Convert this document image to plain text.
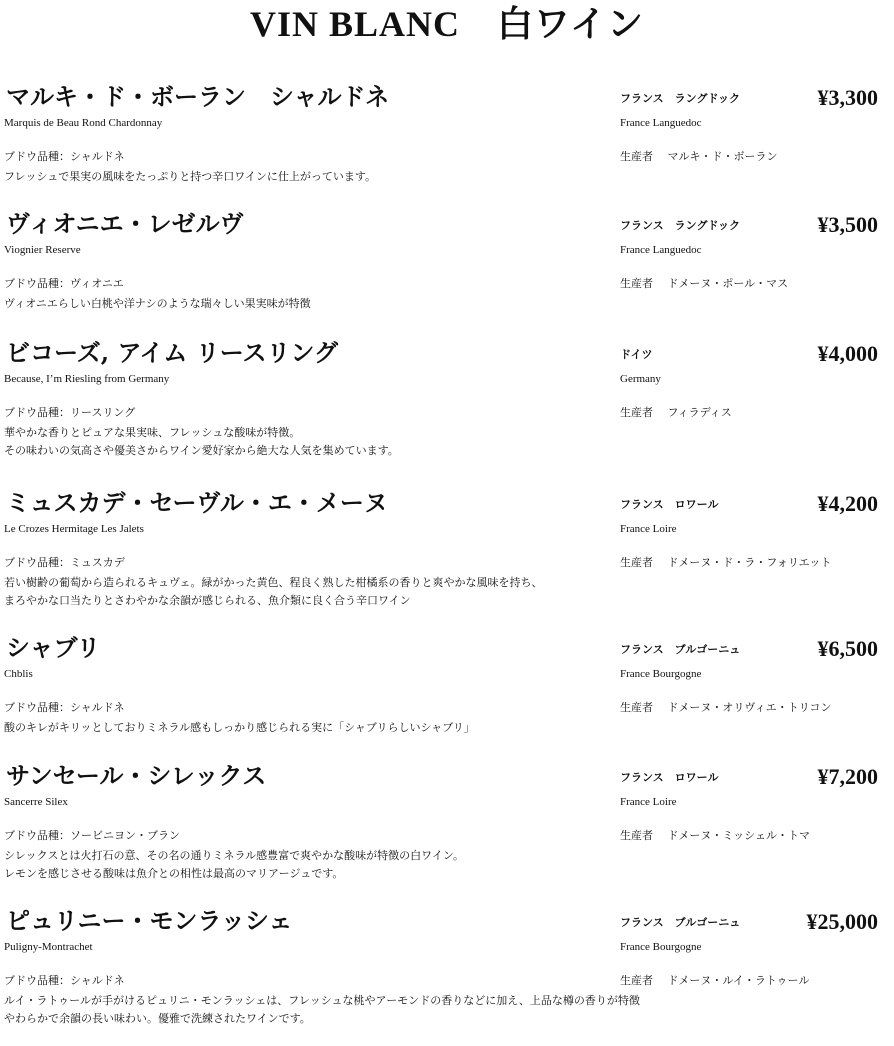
VIN BLANC　白ワイン
マルキ・ド・ボーラン　シャルドネ
Marquis de Beau Rond Chardonnay
ブドウ品種：シャルドネ
フレッシュで果実の風味をたっぷりと持つ辛口ワインに仕上がっています。
フランス　ラングドック
France Languedoc
生産者　 マルキ・ド・ボーラン
¥3,300
ヴィオニエ・レゼルヴ
Viognier Reserve
ブドウ品種：ヴィオニエ
ヴィオニエらしい白桃や洋ナシのような瑞々しい果実味が特徴
フランス　ラングドック
France Languedoc
生産者　 ドメーヌ・ポール・マス
¥3,500
ビコーズ, アイム リースリング
Because, I’m Riesling from Germany
ブドウ品種：リースリング
華やかな香りとピュアな果実味、フレッシュな酸味が特徴。
その味わいの気高さや優美さからワイン愛好家から絶大な人気を集めています。
ドイツ
Germany
生産者　 フィラディス
¥4,000
ミュスカデ・セーヴル・エ・メーヌ
Le Crozes Hermitage Les Jalets
ブドウ品種：ミュスカデ
若い樹齢の葡萄から造られるキュヴェ。緑がかった黄色、程良く熟した柑橘系の香りと爽やかな風味を持ち、
まろやかな口当たりとさわやかな余韻が感じられる、魚介類に良く合う辛口ワイン
フランス　ロワール
France Loire
生産者　 ドメーヌ・ド・ラ・フォリエット
¥4,200
シャブリ
Chblis
ブドウ品種：シャルドネ
酸のキレがキリッとしておりミネラル感もしっかり感じられる実に「シャブリらしいシャブリ」
フランス　ブルゴーニュ
France Bourgogne
生産者　 ドメーヌ・オリヴィエ・トリコン
¥6,500
サンセール・シレックス
Sancerre Silex
ブドウ品種：ソービニヨン・ブラン
シレックスとは火打石の意、その名の通りミネラル感豊富で爽やかな酸味が特徴の白ワイン。
レモンを感じさせる酸味は魚介との相性は最高のマリアージュです。
フランス　ロワール
France Loire
生産者　 ドメーヌ・ミッシェル・トマ
¥7,200
ピュリニー・モンラッシェ
Puligny-Montrachet
ブドウ品種：シャルドネ
ルイ・ラトゥールが手がけるピュリニ・モンラッシェは、フレッシュな桃やアーモンドの香りなどに加え、上品な樽の香りが特徴
やわらかで余韻の長い味わい。優雅で洗練されたワインです。
フランス　ブルゴーニュ
France Bourgogne
生産者　 ドメーヌ・ルイ・ラトゥール
¥25,000
